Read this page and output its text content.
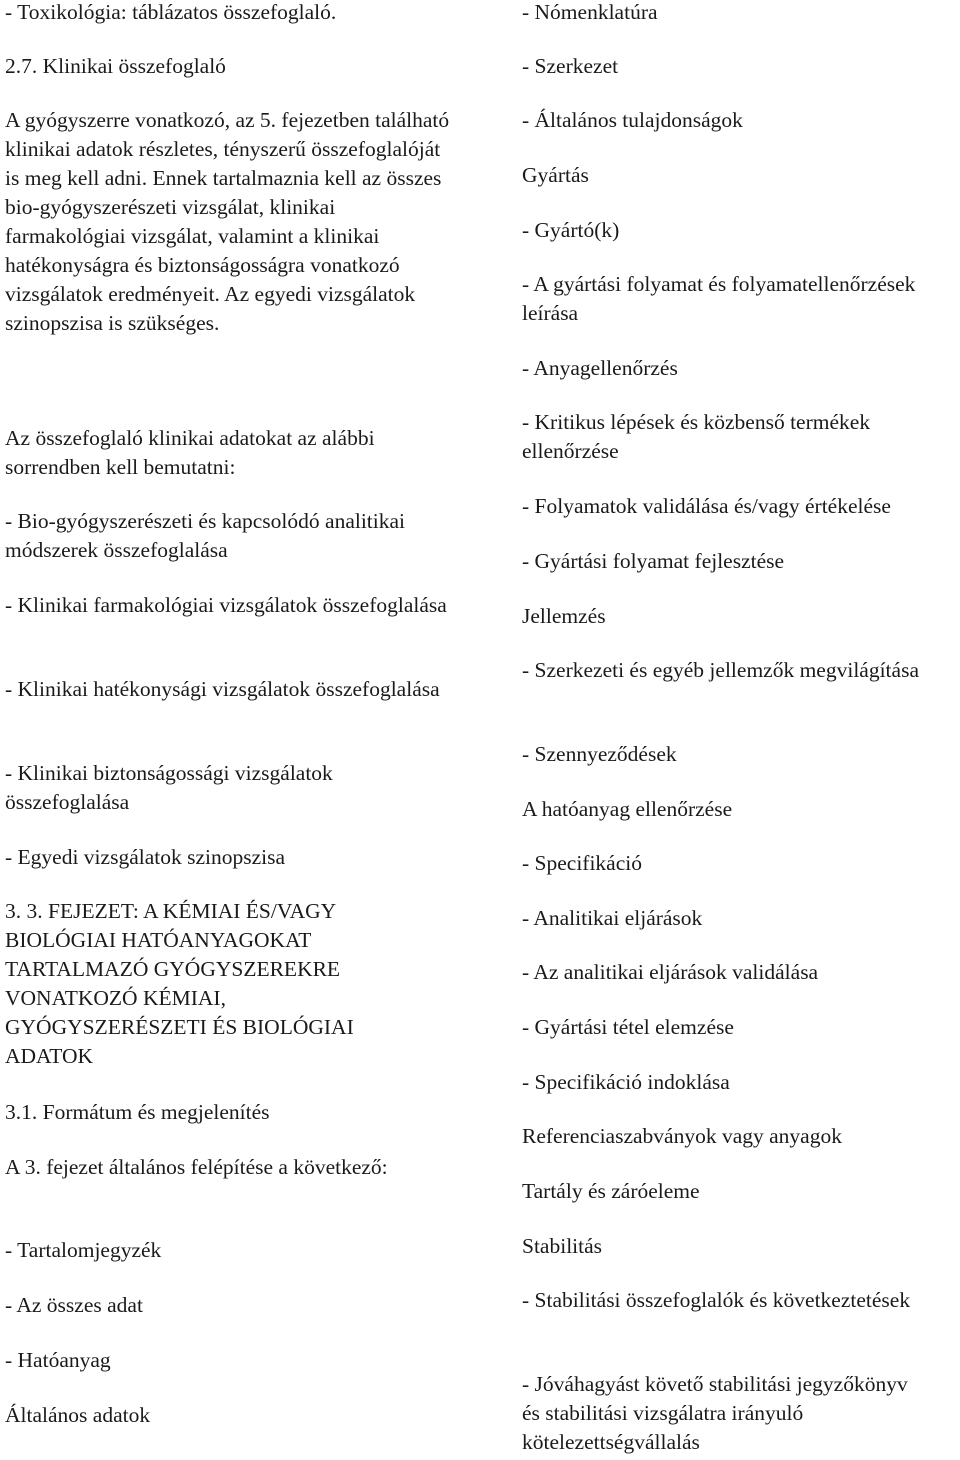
- Toxikológia: táblázatos összefoglaló.

2.7. Klinikai összefoglaló

A gyógyszerre vonatkozó, az 5. fejezetben található klinikai adatok részletes, tényszerű összefoglalóját is meg kell adni. Ennek tartalmaznia kell az összes bio-gyógyszerészeti vizsgálat, klinikai farmakológiai vizsgálat, valamint a klinikai hatékonyságra és biztonságosságra vonatkozó vizsgálatok eredményeit. Az egyedi vizsgálatok szinopszisa is szükséges.

Az összefoglaló klinikai adatokat az alábbi sorrendben kell bemutatni:

- Bio-gyógyszerészeti és kapcsolódó analitikai módszerek összefoglalása

- Klinikai farmakológiai vizsgálatok összefoglalása

- Klinikai hatékonysági vizsgálatok összefoglalása

- Klinikai biztonságossági vizsgálatok összefoglalása

- Egyedi vizsgálatok szinopszisa

3. 3. FEJEZET: A KÉMIAI ÉS/VAGY BIOLÓGIAI HATÓANYAGOKAT TARTALMAZÓ GYÓGYSZEREKRE VONATKOZÓ KÉMIAI, GYÓGYSZERÉSZETI ÉS BIOLÓGIAI ADATOK

3.1. Formátum és megjelenítés

A 3. fejezet általános felépítése a következő:

- Tartalomjegyzék

- Az összes adat

- Hatóanyag

Általános adatok

- Nómenklatúra

- Szerkezet

- Általános tulajdonságok

Gyártás

- Gyártó(k)

- A gyártási folyamat és folyamatellenőrzések leírása

- Anyagellenőrzés

- Kritikus lépések és közbenső termékek ellenőrzése

- Folyamatok validálása és/vagy értékelése

- Gyártási folyamat fejlesztése

Jellemzés

- Szerkezeti és egyéb jellemzők megvilágítása

- Szennyeződések

A hatóanyag ellenőrzése

- Specifikáció

- Analitikai eljárások

- Az analitikai eljárások validálása

- Gyártási tétel elemzése

- Specifikáció indoklása

Referenciaszabványok vagy anyagok

Tartály és záróeleme

Stabilitás

- Stabilitási összefoglalók és következtetések

- Jóváhagyást követő stabilitási jegyzőkönyv és stabilitási vizsgálatra irányuló kötelezettségvállalás
